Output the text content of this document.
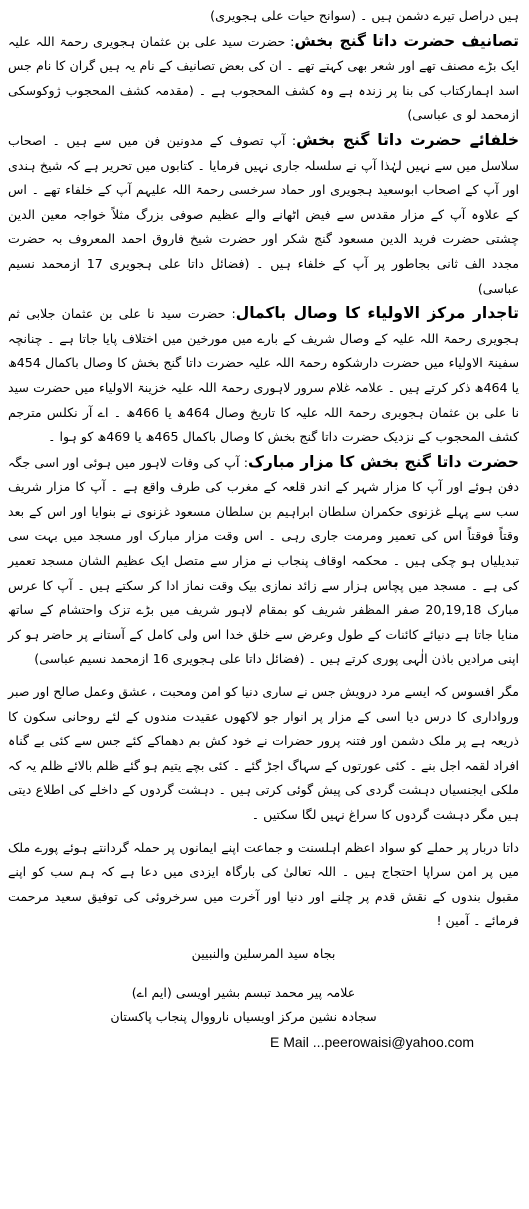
ہیں دراصل تیرے دشمن ہیں ۔ (سوانح حیات علی ہجویری)

تصانیف حضرت داتا گنج بخش: حضرت سید علی بن عثمان ہجویری رحمۃ اللہ علیہ ایک بڑے مصنف تھے اور شعر بھی کہتے تھے ۔ ان کی بعض تصانیف کے نام یہ ہیں گران کا نام جس اسد اہمارکتاب کی بنا پر زندہ ہے وہ کشف المحجوب ہے ۔ (مقدمہ کشف المحجوب ژوکوسکی ازمحمد لو ی عباسی)

خلفائے حضرت داتا گنج بخش: آپ تصوف کے مدونین فن میں سے ہیں ۔ اصحاب سلاسل میں سے نہیں لہٰذا آپ نے سلسلہ جاری نہیں فرمایا ۔ کتابوں میں تحریر ہے کہ شیخ ہندی اور آپ کے اصحاب ابوسعید ہجویری اور حماد سرخسی رحمۃ اللہ علیہم آپ کے خلفاء تھے ۔ اس کے علاوہ آپ کے مزار مقدس سے فیض اٹھانے والے عظیم صوفی بزرگ مثلاً خواجہ معین الدین چشتی حضرت فرید الدین مسعود گنج شکر اور حضرت شیخ فاروق احمد المعروف بہ حضرت مجدد الف ثانی بجاطور پر آپ کے خلفاء ہیں ۔ (فضائل داتا علی ہجویری 17 ازمحمد نسیم عباسی)

تاجدار مرکز الاولیاء کا وصال باکمال: حضرت سید نا علی بن عثمان جلابی ثم ہجویری رحمۃ اللہ علیہ کے وصال شریف کے بارے میں مورخین میں اختلاف پایا جاتا ہے ۔ چنانچہ سفینۃ الاولیاء میں حضرت دارشکوہ رحمۃ اللہ علیہ حضرت داتا گنج بخش کا وصال باکمال 454ھ یا 464ھ ذکر کرتے ہیں ۔ علامہ غلام سرور لاہوری رحمۃ اللہ علیہ خزینۃ الاولیاء میں حضرت سید نا علی بن عثمان ہجویری رحمۃ اللہ علیہ کا تاریخ وصال 464ھ یا 466ھ ۔ اے آر نکلس مترجم کشف المحجوب کے نزدیک حضرت داتا گنج بخش کا وصال باکمال 465ھ یا 469ھ کو ہوا ۔

حضرت داتا گنج بخش کا مزار مبارک: آپ کی وفات لاہور میں ہوئی اور اسی جگہ دفن ہوئے اور آپ کا مزار شہر کے اندر قلعہ کے مغرب کی طرف واقع ہے ۔ آپ کا مزار شریف سب سے پہلے غزنوی حکمران سلطان ابراہیم بن سلطان مسعود غزنوی نے بنوایا اور اس کے بعد وقتاً فوقتاً اس کی تعمیر ومرمت جاری رہی ۔ اس وقت مزار مبارک اور مسجد میں بہت سی تبدیلیاں ہو چکی ہیں ۔ محکمہ اوقاف پنجاب نے مزار سے متصل ایک عظیم الشان مسجد تعمیر کی ہے ۔ مسجد میں پچاس ہزار سے زائد نمازی بیک وقت نماز ادا کر سکتے ہیں ۔ آپ کا عرس مبارک 20,19,18 صفر المظفر شریف کو بمقام لاہور شریف میں بڑے تزک واحتشام کے ساتھ منایا جاتا ہے دنیائے کائنات کے طول وعرض سے خلق خدا اس ولی کامل کے آستانے پر حاضر ہو کر اپنی مرادیں باذن الٰہی پوری کرتے ہیں ۔ (فضائل داتا علی ہجویری 16 ازمحمد نسیم عباسی)

مگر افسوس کہ ایسے مرد درویش جس نے ساری دنیا کو امن ومحبت ، عشق وعمل صالح اور صبر ورواداری کا درس دیا اسی کے مزار پر انوار جو لاکھوں عقیدت مندوں کے لئے روحانی سکون کا ذریعہ ہے پر ملک دشمن اور فتنہ پرور حضرات نے خود کش بم دھماکے کئے جس سے کئی بے گناہ افراد لقمہ اجل بنے ۔ کئی عورتوں کے سہاگ اجڑ گئے ۔ کئی بچے یتیم ہو گئے ظلم بالائے ظلم یہ کہ ملکی ایجنسیاں دہشت گردی کی پیش گوئی کرتی ہیں ۔ دہشت گردوں کے داخلے کی اطلاع دیتی ہیں مگر دہشت گردوں کا سراغ نہیں لگا سکتیں ۔

داتا دربار پر حملے کو سواد اعظم اہلسنت و جماعت اپنے ایمانوں پر حملہ گردانتے ہوئے پورے ملک میں پر امن سراپا احتجاج ہیں ۔ اللہ تعالیٰ کی بارگاہ ایزدی میں دعا ہے کہ ہم سب کو اپنے مقبول بندوں کے نقش قدم پر چلنے اور دنیا اور آخرت میں سرخروئی کی توفیق سعید مرحمت فرمائے ۔ آمین !

بجاہ سید المرسلین والنبیین

علامہ پیر محمد تبسم بشیر اویسی (ایم اے)

سجادہ نشین مرکز اویسیاں نارووال پنجاب پاکستان

E Mail ...peerowaisi@yahoo.com
